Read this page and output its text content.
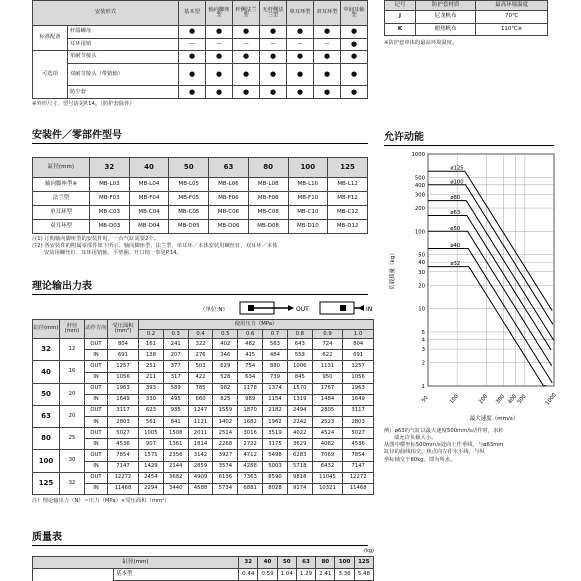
安装形式		基本型	轴向脚座型	杆侧法兰型	无杆侧法兰型	单耳环型	双耳环型	中间耳轴型
标准配备	杆端螺母	●	●	●	●	●	●	●
	耳环用销	—	—	—	—	—	—	●
可选项	单耐节接头	●	●	●	●	●	●	●
	双耐节接头（带销轴）	●	●	●	●	●	●	●
	防尘套	●	●	●	●	●	●	●
※外形尺寸、型号请见P.14。（防护套除外）
记号	防护套材质	最高环境温度
J	尼龙帆布	70℃
K	耐热帆布	110℃※
※防护套单体的最高环境温度。
安装件／零部件型号
缸径(mm)	32	40	50	63	80	100	125
轴向脚座型※	MB-L03	MB-L04	MB-L05	MB-L06	MB-L08	MB-L10	MB-L12
法兰型	MB-F03	MB-F04	MB-F05	MB-F06	MB-F08	MB-F10	MB-F12
单耳环型	MB-C03	MB-C04	MB-C05	MB-C06	MB-C08	MB-C10	MB-C12
双耳环型	MB-D03	MB-D04	MB-D05	MB-D06	MB-D08	MB-D10	MB-D12
注1) 订购轴向脚座型的安装件时，一台气缸需要2个。
注2) 各安装件的附属零部件如下所示。轴向脚座型、法兰型、单耳环／本体安装用螺丝钉，双耳环／本体
安装用螺丝钉、耳环用销轴、平垫圈、开口销一参见P.14。
理论输出力表
（单位:N）	OUT	IN
缸径(mm)	杆径(mm)	动作方向	受压面积(mm²)	使用压力（MPa）								
				0.2	0.3	0.4	0.5	0.6	0.7	0.8	0.9	1.0
32	12	OUT	804	161	241	322	402	482	563	643	724	804
		IN	691	138	207	276	346	415	484	553	622	691
40	16	OUT	1257	251	377	503	629	754	880	1006	1131	1257
		IN	1056	211	317	422	528	634	739	845	950	1056
50	20	OUT	1963	393	589	785	982	1178	1374	1570	1767	1963
		IN	1649	330	495	660	825	989	1154	1319	1484	1649
63	20	OUT	3117	623	935	1247	1559	1870	2182	2494	2805	3117
		IN	2803	561	841	1121	1402	1682	1962	2242	2523	2803
80	25	OUT	5027	1005	1508	2011	2514	3016	3519	4022	4524	5027
		IN	4536	907	1361	1814	2268	2722	3175	3629	4082	4536
100	30	OUT	7854	1571	2356	3142	3927	4712	5498	6283	7069	7854
		IN	7147	1429	2144	2859	3574	4288	5003	5718	6432	7147
125	32	OUT	12272	2454	3682	4909	6136	7363	8590	9818	11045	12272
		IN	11468	2294	3440	4588	5734	6881	8028	9174	10321	11468
注）理论输出力（N）＝压力（MPa）×受压面积（mm²）
质量表
(kg)
缸径(mm)		32	40	50	63	80	100	125
	基本型	0.44	0.59	1.04	1.29	2.41	3.36	5.48
允许动能
1000
500
400
300
200
100
50
40
30
20
10
5
4
3
2
1
50	100	200 300 400
500	1000
ø125
ø100
ø80
ø63
ø50
ø40
ø32
负载质量（kg）
最大速度（mm/s）
例）ø63的气缸以最大速度500mm/s动作时，求杆
端允许负载大小。
从图中横坐标500mm/s处向上作垂线，与ø63mm
缸径的曲线相交，焦点向左作水平线，与纵
坐标轴交于80kg，即为所求。
